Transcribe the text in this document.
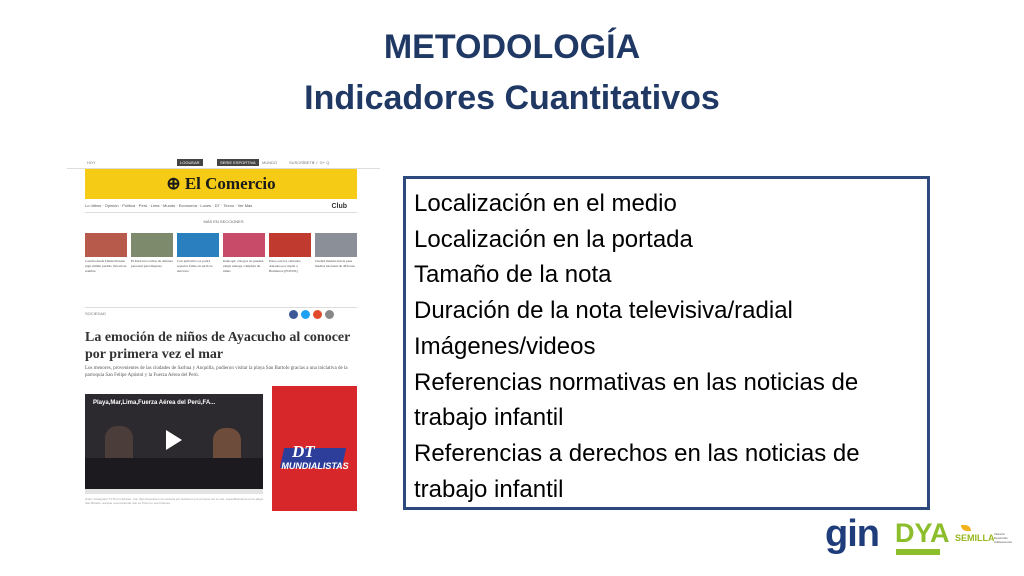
METODOLOGÍA
Indicadores Cuantitativos
HOY	LOGUEAR	SERIE ESPORTIVA	MUNDO	SUSCRÍBETE
f ✓ G+ Q
⊕ El Comercio
Lo último · Opinión · Política · Perú · Lima · Mundo · Economía · Luces · DT · Tecno · Ver Más	Club
MÁS EN SECCIONES
Cancha desde Daniel Peredo jugó último partido llevará su nombre
El Perú tuvo tallos de defensa personal para mujeres
Con aplicativo se podrá reportar fallas en servicio eléctrico
Indecopi: cólogos no pueden exigir entrega completa de útiles
Estos son los cebrados donados por Japón a Bomberos [FOTOS]
Ciudad madura inicia pase medios nacional de 48 horas
SOCIEDAD
La emoción de niños de Ayacucho al conocer por primera vez el mar
Los menores, provenientes de las ciudades de Sarhua y Anquilla, pudieron visitar la playa San Bartolo gracias a una iniciativa de la parroquia San Felipe Apóstol y la Fuerza Aérea del Perú.
Playa,Mar,Lima,Fuerza Aérea del Perú,FA...
DT
MUNDIALISTAS
(Foto: Instagram/ TV Perú Noticias. Vía: http://operación es cortesía por Gobierno por primera vez el mar, especificamente en la playa San Bartolo, aunque reconociendo que es Pozo en eso hinteres
Localización en el medio
Localización en la portada
Tamaño de la nota
Duración de la nota televisiva/radial
Imágenes/videos
Referencias normativas en las noticias de
trabajo infantil
Referencias a derechos en las noticias de
trabajo infantil
gin DYA SEMILLA Infancia Desarrollo Adolescencia
